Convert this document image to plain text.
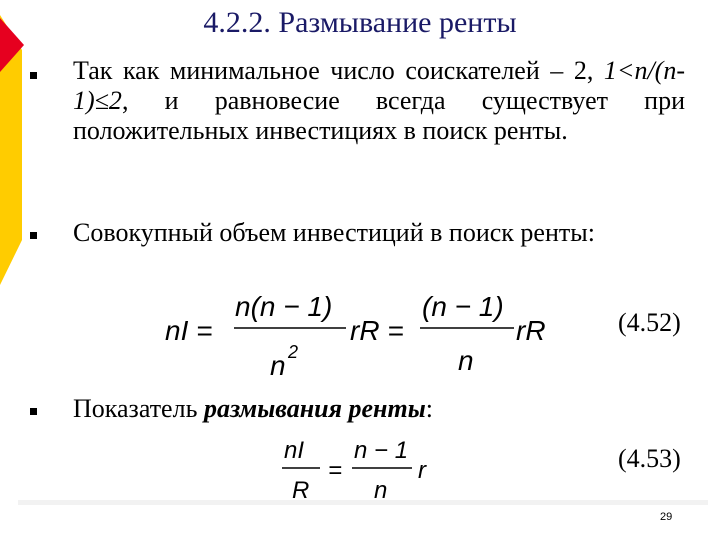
4.2.2. Размывание ренты
Так как минимальное число соискателей – 2, 1<n/(n-1)≤2, и равновесие всегда существует при положительных инвестициях в поиск ренты.
Совокупный объем инвестиций в поиск ренты:
nI =
n(n − 1)
n 2
rR =
(n − 1)
n
rR	(4.52)
Показатель размывания ренты:
nI
R
=
n − 1
n
r	(4.53)
29
